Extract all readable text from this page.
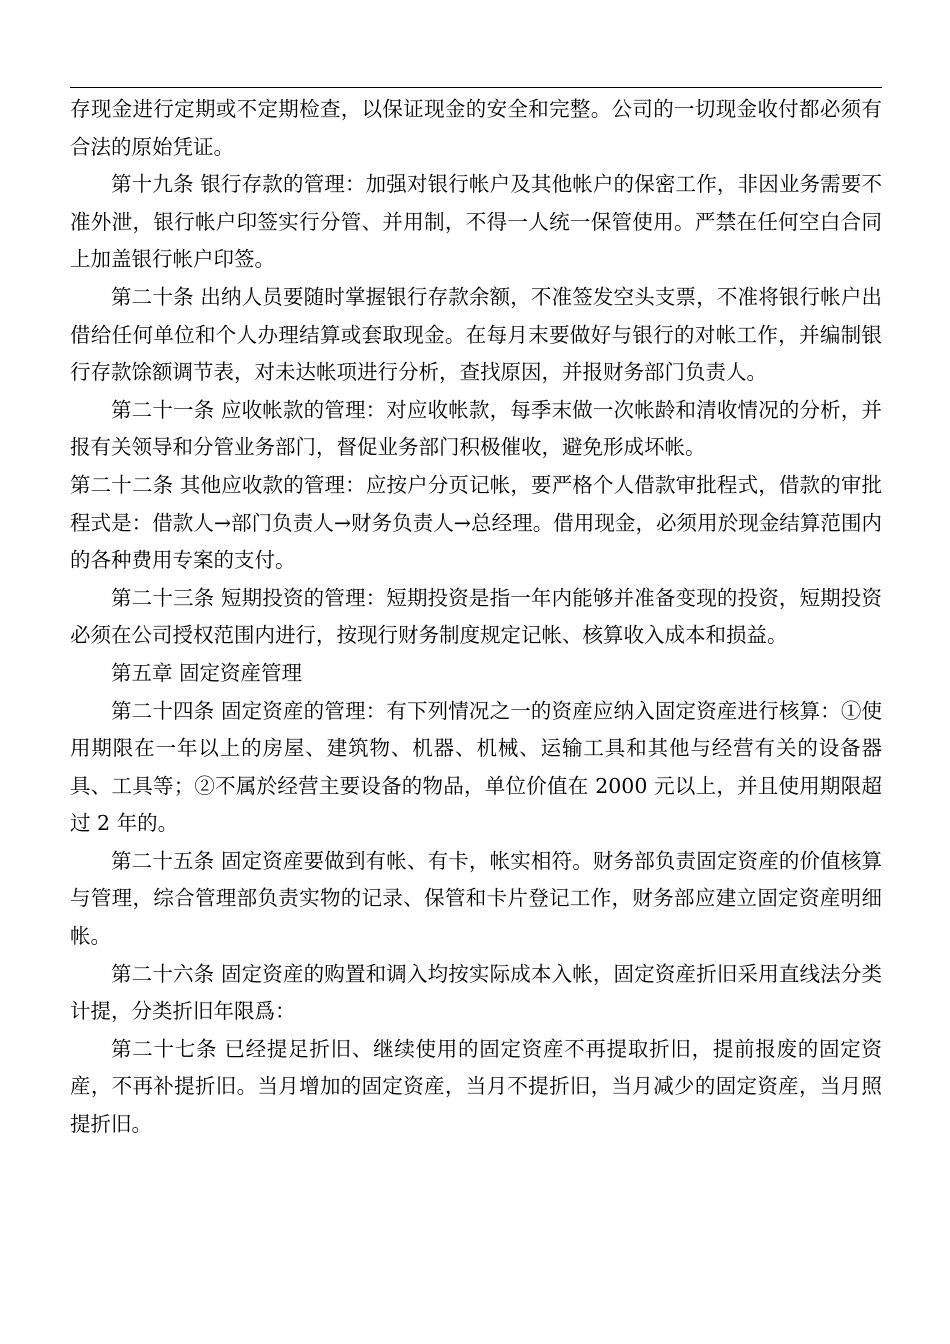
存现金进行定期或不定期检查，以保证现金的安全和完整。公司的一切现金收付都必须有合法的原始凭证。

第十九条 银行存款的管理：加强对银行帐户及其他帐户的保密工作，非因业务需要不准外泄，银行帐户印签实行分管、并用制，不得一人统一保管使用。严禁在任何空白合同上加盖银行帐户印签。

第二十条 出纳人员要随时掌握银行存款余额，不准签发空头支票，不准将银行帐户出借给任何单位和个人办理结算或套取现金。在每月末要做好与银行的对帐工作，并编制银行存款馀额调节表，对未达帐项进行分析，查找原因，并报财务部门负责人。

第二十一条 应收帐款的管理：对应收帐款，每季末做一次帐龄和清收情况的分析，并报有关领导和分管业务部门，督促业务部门积极催收，避免形成坏帐。

第二十二条 其他应收款的管理：应按户分页记帐，要严格个人借款审批程式，借款的审批程式是：借款人→部门负责人→财务负责人→总经理。借用现金，必须用於现金结算范围内的各种费用专案的支付。

第二十三条 短期投资的管理：短期投资是指一年内能够并准备变现的投资，短期投资必须在公司授权范围内进行，按现行财务制度规定记帐、核算收入成本和损益。

第五章 固定资産管理

第二十四条 固定资産的管理：有下列情况之一的资産应纳入固定资産进行核算：①使用期限在一年以上的房屋、建筑物、机器、机械、运输工具和其他与经营有关的设备器具、工具等；②不属於经营主要设备的物品，单位价值在 2000 元以上，并且使用期限超过 2 年的。

第二十五条 固定资産要做到有帐、有卡，帐实相符。财务部负责固定资産的价值核算与管理，综合管理部负责实物的记录、保管和卡片登记工作，财务部应建立固定资産明细帐。

第二十六条 固定资産的购置和调入均按实际成本入帐，固定资産折旧采用直线法分类计提，分类折旧年限爲：

第二十七条 已经提足折旧、继续使用的固定资産不再提取折旧，提前报废的固定资産，不再补提折旧。当月增加的固定资産，当月不提折旧，当月减少的固定资産，当月照提折旧。
